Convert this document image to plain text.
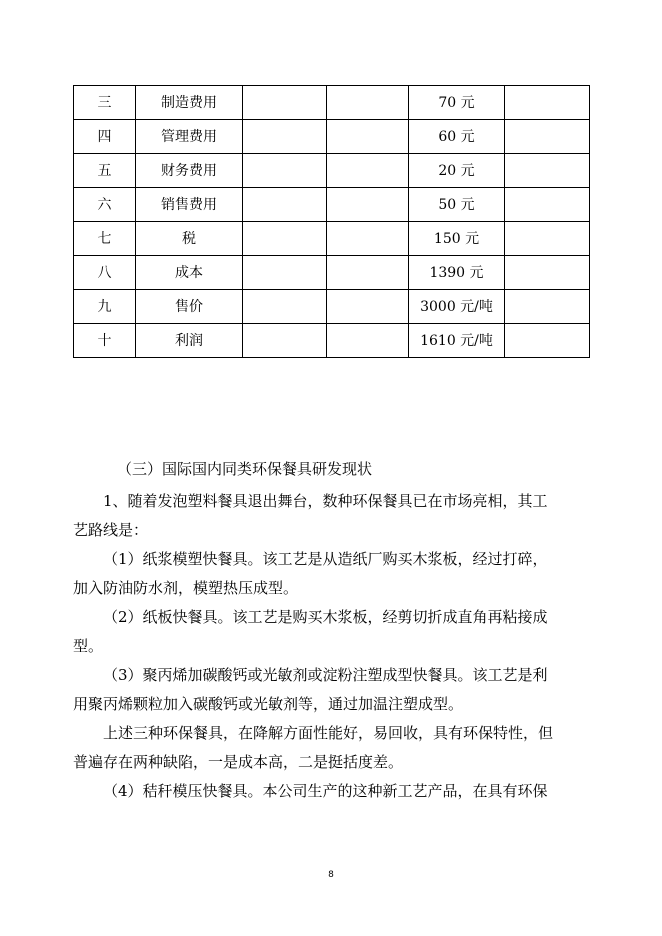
三	制造费用			70 元	
四	管理费用			60 元	
五	财务费用			20 元	
六	销售费用			50 元	
七	税			150 元	
八	成本			1390 元	
九	售价			3000 元/吨	
十	利润			1610 元/吨	
（三）国际国内同类环保餐具研发现状
1、随着发泡塑料餐具退出舞台，数种环保餐具已在市场亮相，其工
艺路线是：
（1）纸浆模塑快餐具。该工艺是从造纸厂购买木浆板，经过打碎，
加入防油防水剂，模塑热压成型。
（2）纸板快餐具。该工艺是购买木浆板，经剪切折成直角再粘接成
型。
（3）聚丙烯加碳酸钙或光敏剂或淀粉注塑成型快餐具。该工艺是利
用聚丙烯颗粒加入碳酸钙或光敏剂等，通过加温注塑成型。
上述三种环保餐具，在降解方面性能好，易回收，具有环保特性，但
普遍存在两种缺陷，一是成本高，二是挺括度差。
（4）秸秆模压快餐具。本公司生产的这种新工艺产品，在具有环保
8
